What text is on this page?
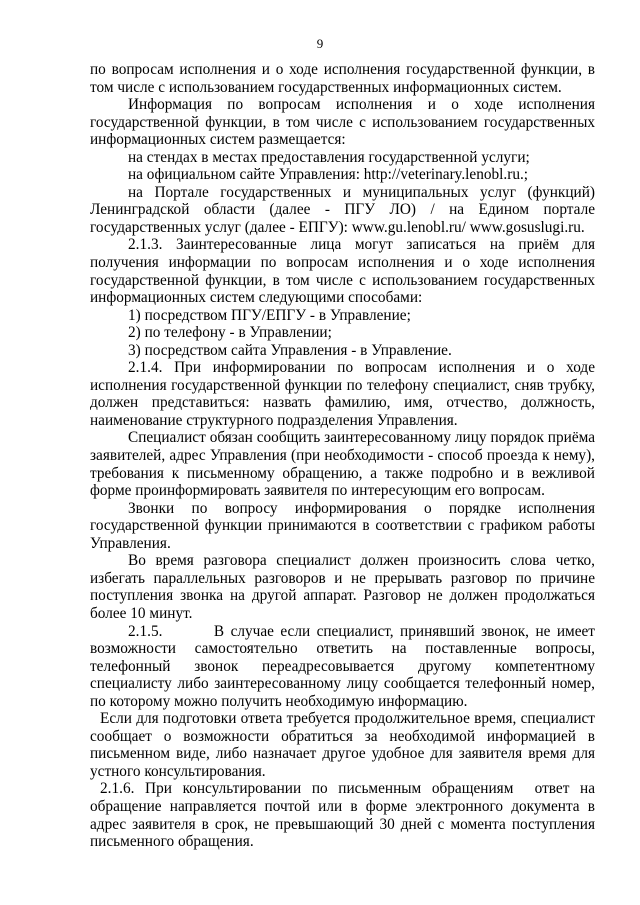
9

по вопросам исполнения и о ходе исполнения государственной функции, в том числе с использованием государственных информационных систем.

Информация по вопросам исполнения и о ходе исполнения государственной функции, в том числе с использованием государственных информационных систем размещается:

на стендах в местах предоставления государственной услуги;

на официальном сайте Управления: http://veterinary.lenobl.ru.;

на Портале государственных и муниципальных услуг (функций) Ленинградской области (далее - ПГУ ЛО) / на Едином портале государственных услуг (далее - ЕПГУ): www.gu.lenobl.ru/ www.gosuslugi.ru.

2.1.3. Заинтересованные лица могут записаться на приём для получения информации по вопросам исполнения и о ходе исполнения государственной функции, в том числе с использованием государственных информационных систем следующими способами:

1) посредством ПГУ/ЕПГУ - в Управление;

2) по телефону - в Управлении;

3) посредством сайта Управления - в Управление.

2.1.4. При информировании по вопросам исполнения и о ходе исполнения государственной функции по телефону специалист, сняв трубку, должен представиться: назвать фамилию, имя, отчество, должность, наименование структурного подразделения Управления.

Специалист обязан сообщить заинтересованному лицу порядок приёма заявителей, адрес Управления (при необходимости - способ проезда к нему), требования к письменному обращению, а также подробно и в вежливой форме проинформировать заявителя по интересующим его вопросам.

Звонки по вопросу информирования о порядке исполнения государственной функции принимаются в соответствии с графиком работы Управления.

Во время разговора специалист должен произносить слова четко, избегать параллельных разговоров и не прерывать разговор по причине поступления звонка на другой аппарат. Разговор не должен продолжаться более 10 минут.

2.1.5.        В случае если специалист, принявший звонок, не имеет возможности самостоятельно ответить на поставленные вопросы, телефонный звонок переадресовывается другому компетентному специалисту либо заинтересованному лицу сообщается телефонный номер, по которому можно получить необходимую информацию.

Если для подготовки ответа требуется продолжительное время, специалист сообщает о возможности обратиться за необходимой информацией в письменном виде, либо назначает другое удобное для заявителя время для устного консультирования.

2.1.6. При консультировании по письменным обращениям  ответ на обращение направляется почтой или в форме электронного документа в адрес заявителя в срок, не превышающий 30 дней с момента поступления письменного обращения.
